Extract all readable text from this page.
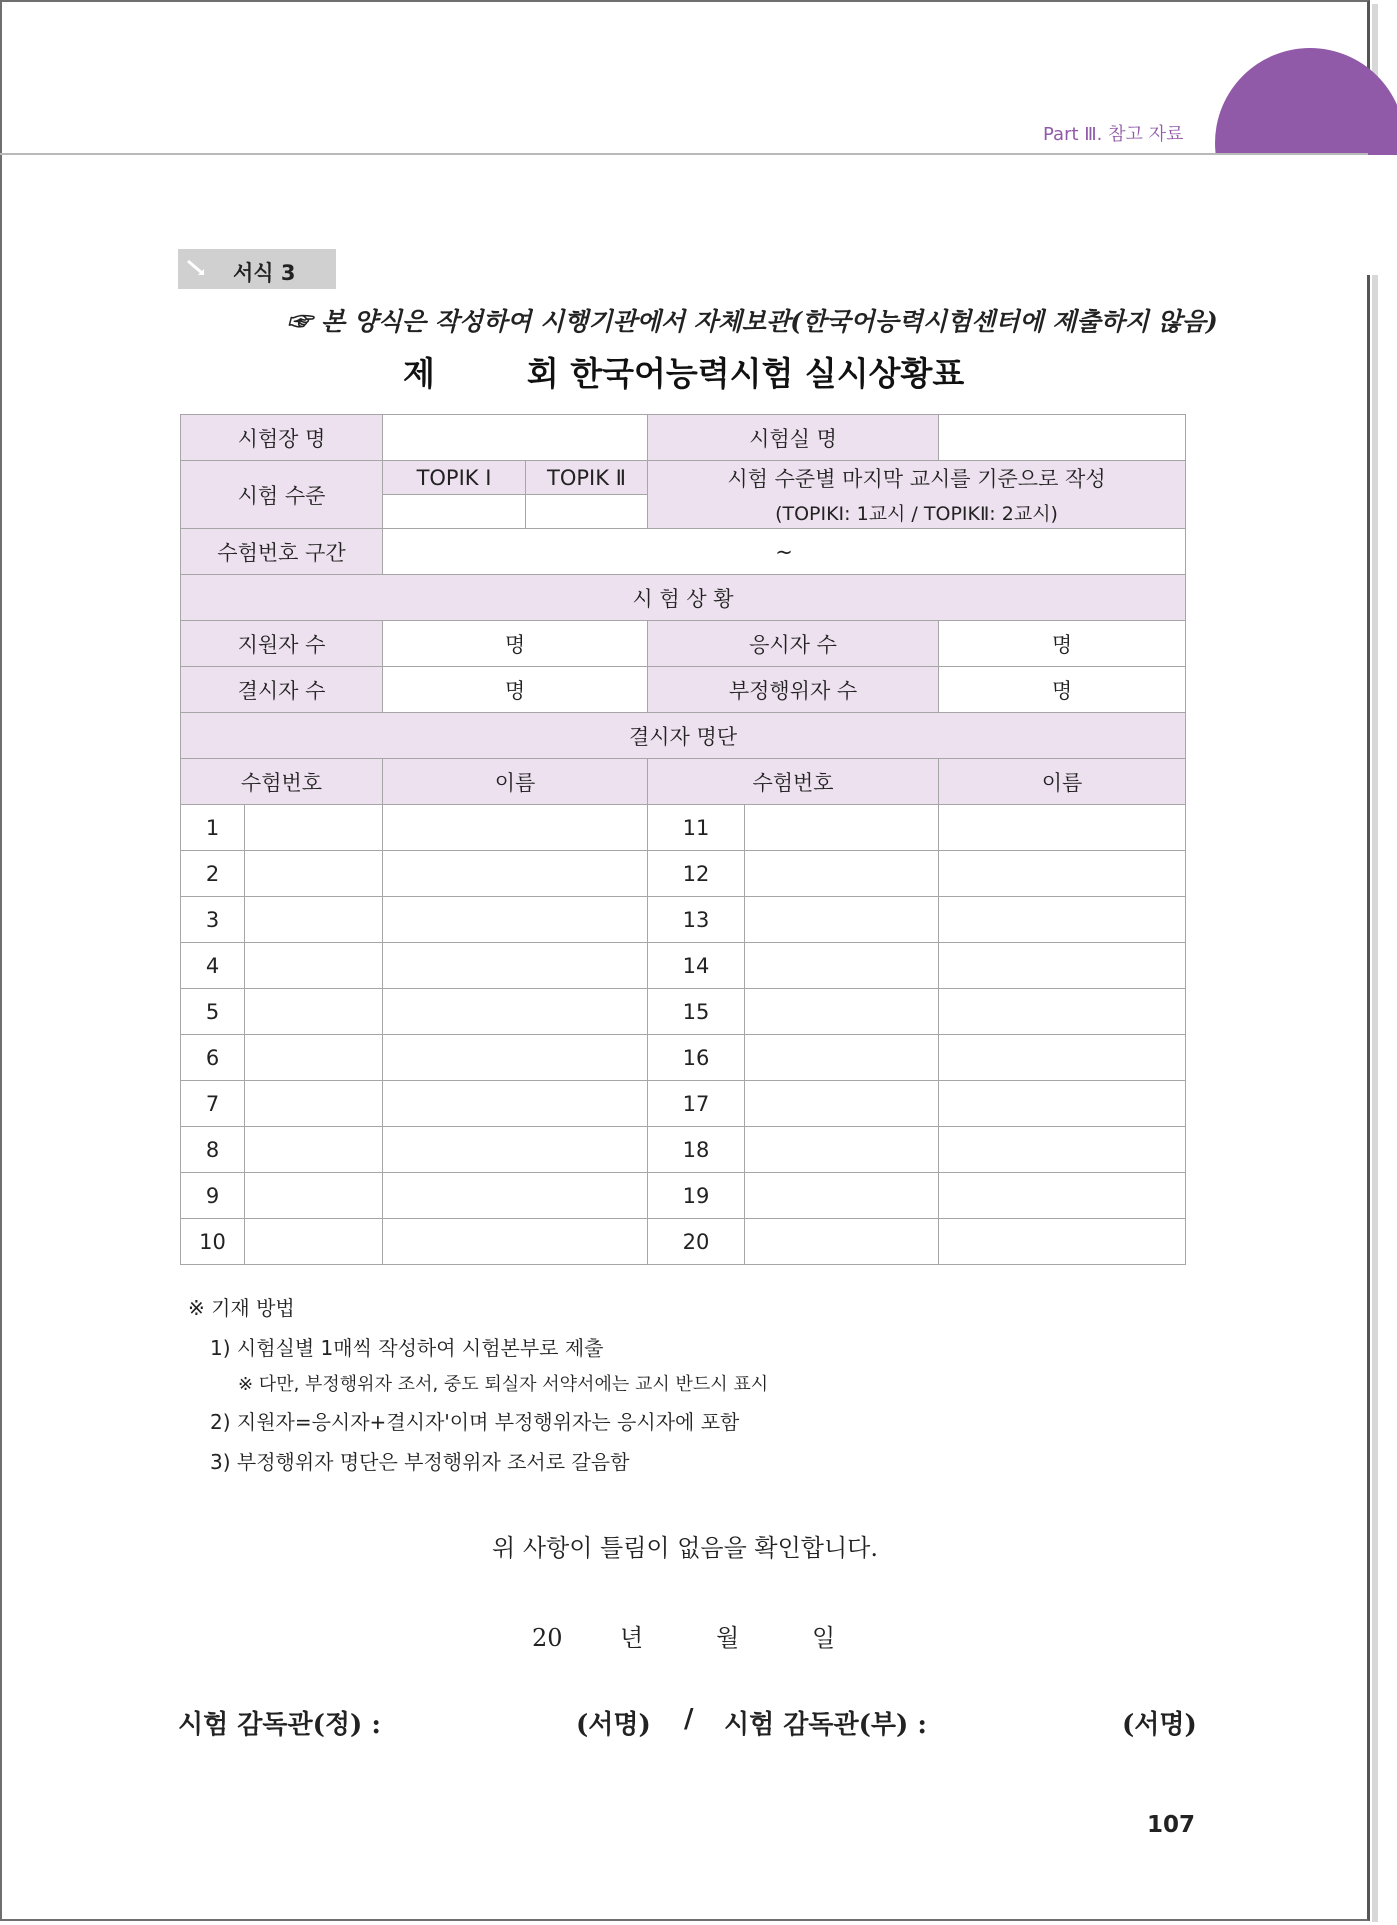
Part Ⅲ. 참고 자료
서식 3
☞ 본 양식은 작성하여 시행기관에서 자체보관(한국어능력시험센터에 제출하지 않음)
제	회 한국어능력시험 실시상황표
시험장 명				시험실 명		
시험 수준		TOPIK Ⅰ	TOPIK Ⅱ	시험 수준별 마지막 교시를 기준으로 작성
(TOPIKⅠ: 1교시 / TOPIKⅡ: 2교시)		

수험번호 구간		~				
시 험 상 황						
지원자 수		명		응시자 수		명
결시자 수		명		부정행위자 수		명
결시자 명단						
수험번호		이름		수험번호		이름
1				11		
2				12		
3				13		
4				14		
5				15		
6				16		
7				17		
8				18		
9				19		
10				20		
※ 기재 방법
1) 시험실별 1매씩 작성하여 시험본부로 제출
※ 다만, 부정행위자 조서, 중도 퇴실자 서약서에는 교시 반드시 표시
2) 지원자=응시자+결시자'이며 부정행위자는 응시자에 포함
3) 부정행위자 명단은 부정행위자 조서로 갈음함
위 사항이 틀림이 없음을 확인합니다.
20 년	월	일
시험 감독관(정) :	(서명) / 시험 감독관(부) :	(서명)
107
